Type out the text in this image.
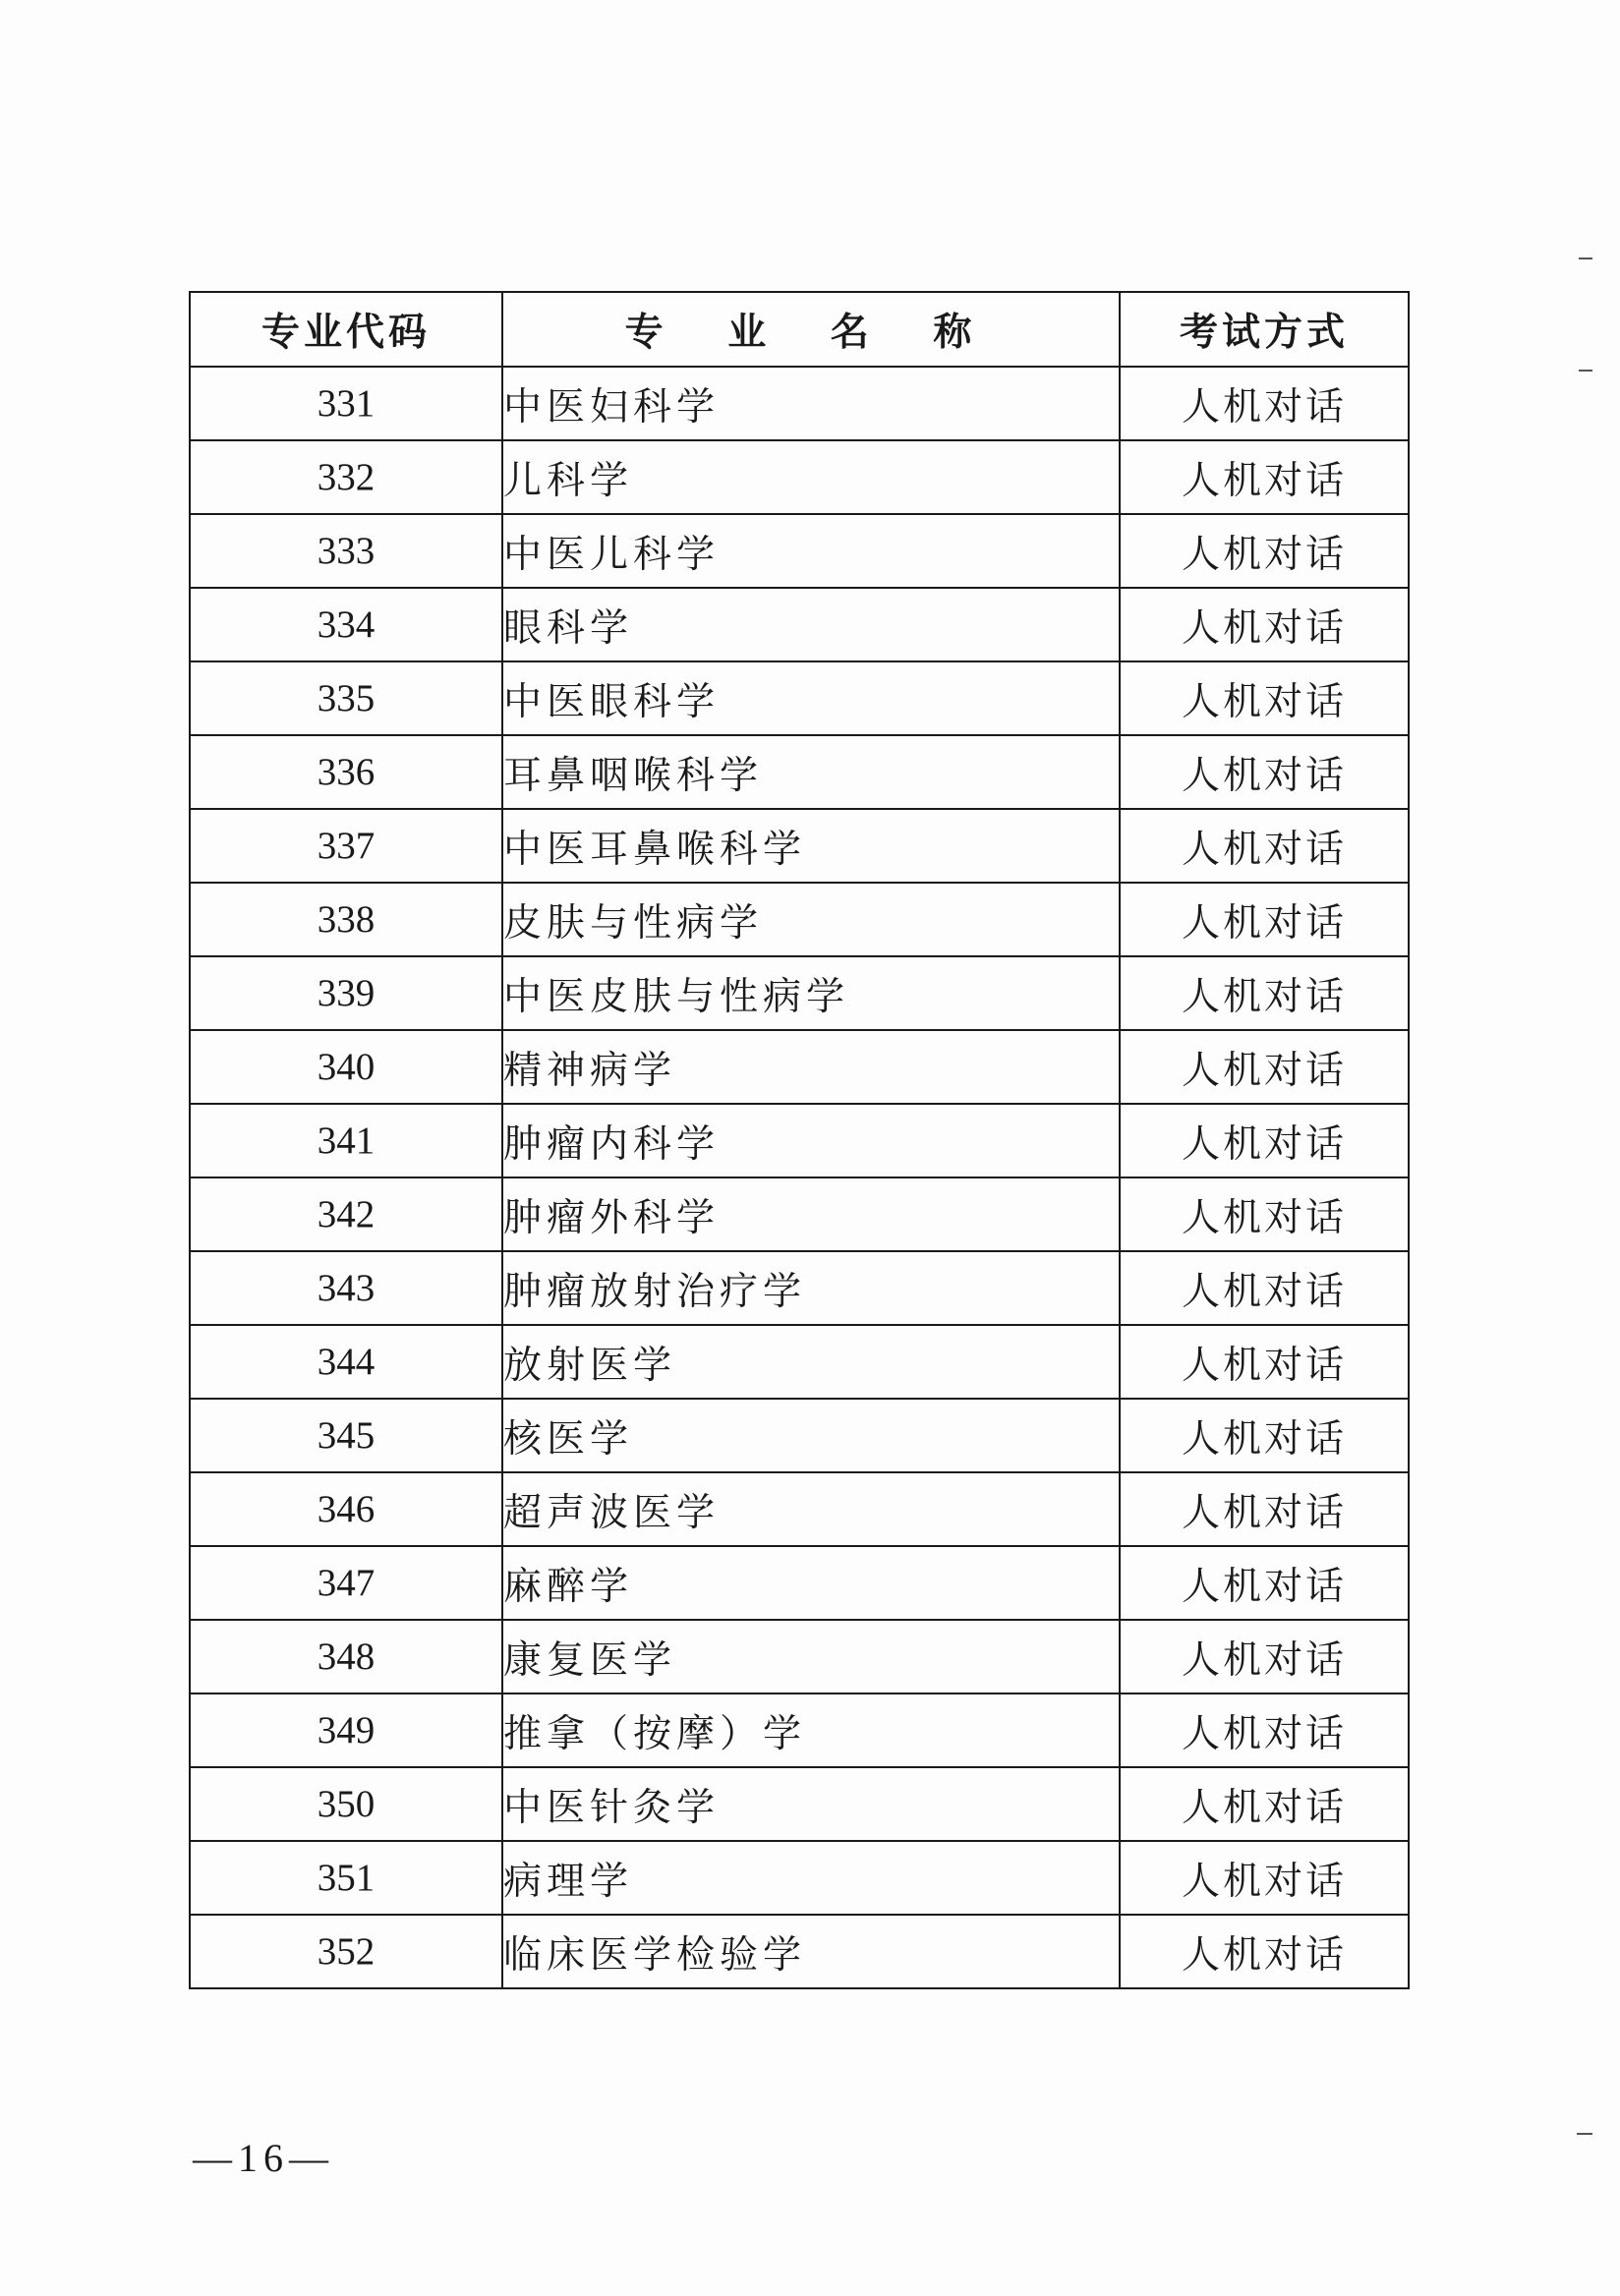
专业代码	专 业 名 称	考试方式
331	中医妇科学	人机对话
332	儿科学	人机对话
333	中医儿科学	人机对话
334	眼科学	人机对话
335	中医眼科学	人机对话
336	耳鼻咽喉科学	人机对话
337	中医耳鼻喉科学	人机对话
338	皮肤与性病学	人机对话
339	中医皮肤与性病学	人机对话
340	精神病学	人机对话
341	肿瘤内科学	人机对话
342	肿瘤外科学	人机对话
343	肿瘤放射治疗学	人机对话
344	放射医学	人机对话
345	核医学	人机对话
346	超声波医学	人机对话
347	麻醉学	人机对话
348	康复医学	人机对话
349	推拿（按摩）学	人机对话
350	中医针灸学	人机对话
351	病理学	人机对话
352	临床医学检验学	人机对话
—16—
